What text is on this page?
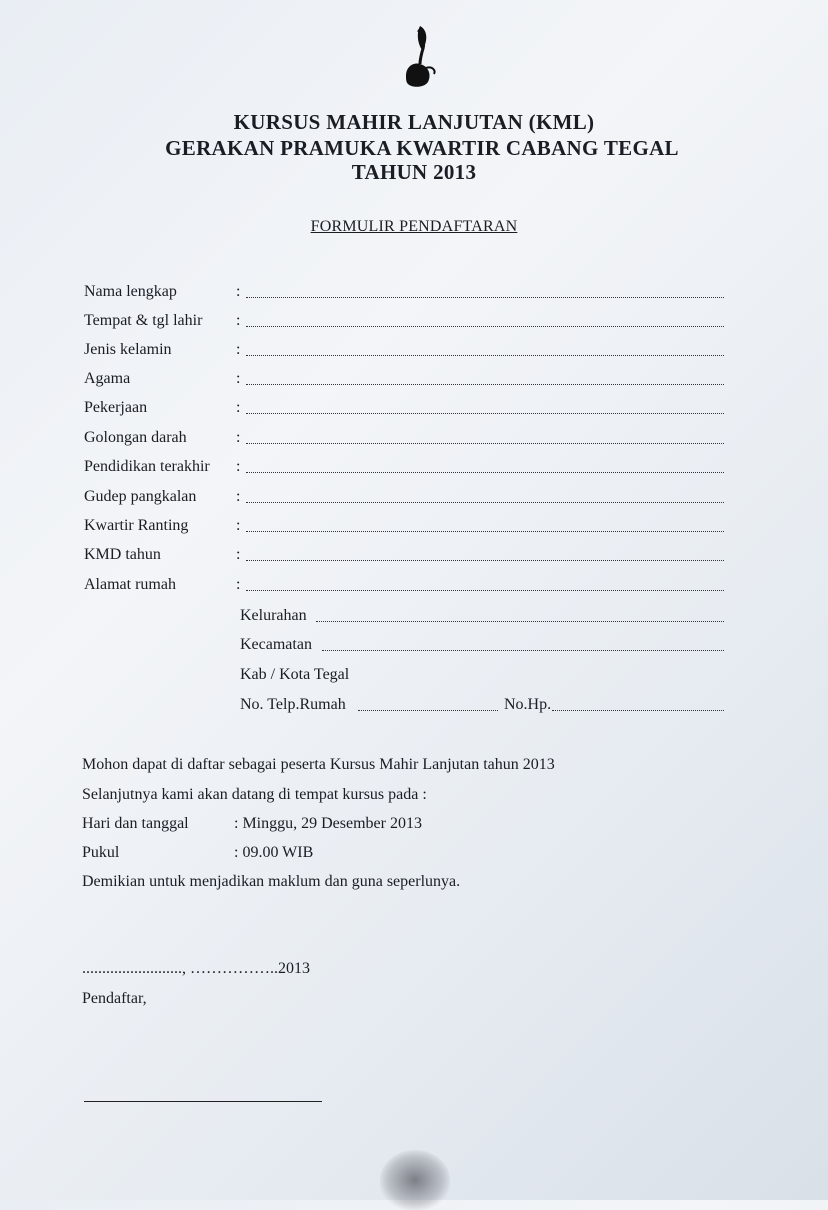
KURSUS MAHIR LANJUTAN (KML)
GERAKAN PRAMUKA KWARTIR CABANG TEGAL
TAHUN 2013
FORMULIR PENDAFTARAN
Nama lengkap	:
Tempat & tgl lahir :
Jenis kelamin	:
Agama	:
Pekerjaan	:
Golongan darah	:
Pendidikan terakhir :
Gudep pangkalan :
Kwartir Ranting	:
KMD tahun	:
Alamat rumah	:
Kelurahan
Kecamatan
Kab / Kota Tegal
No. Telp.Rumah	No.Hp.
Mohon dapat di daftar sebagai peserta Kursus Mahir Lanjutan tahun 2013
Selanjutnya kami akan datang di tempat kursus pada :
Hari dan tanggal	: Minggu, 29 Desember 2013
Pukul	: 09.00 WIB
Demikian untuk menjadikan maklum dan guna seperlunya.
........................., ……………..2013
Pendaftar,
